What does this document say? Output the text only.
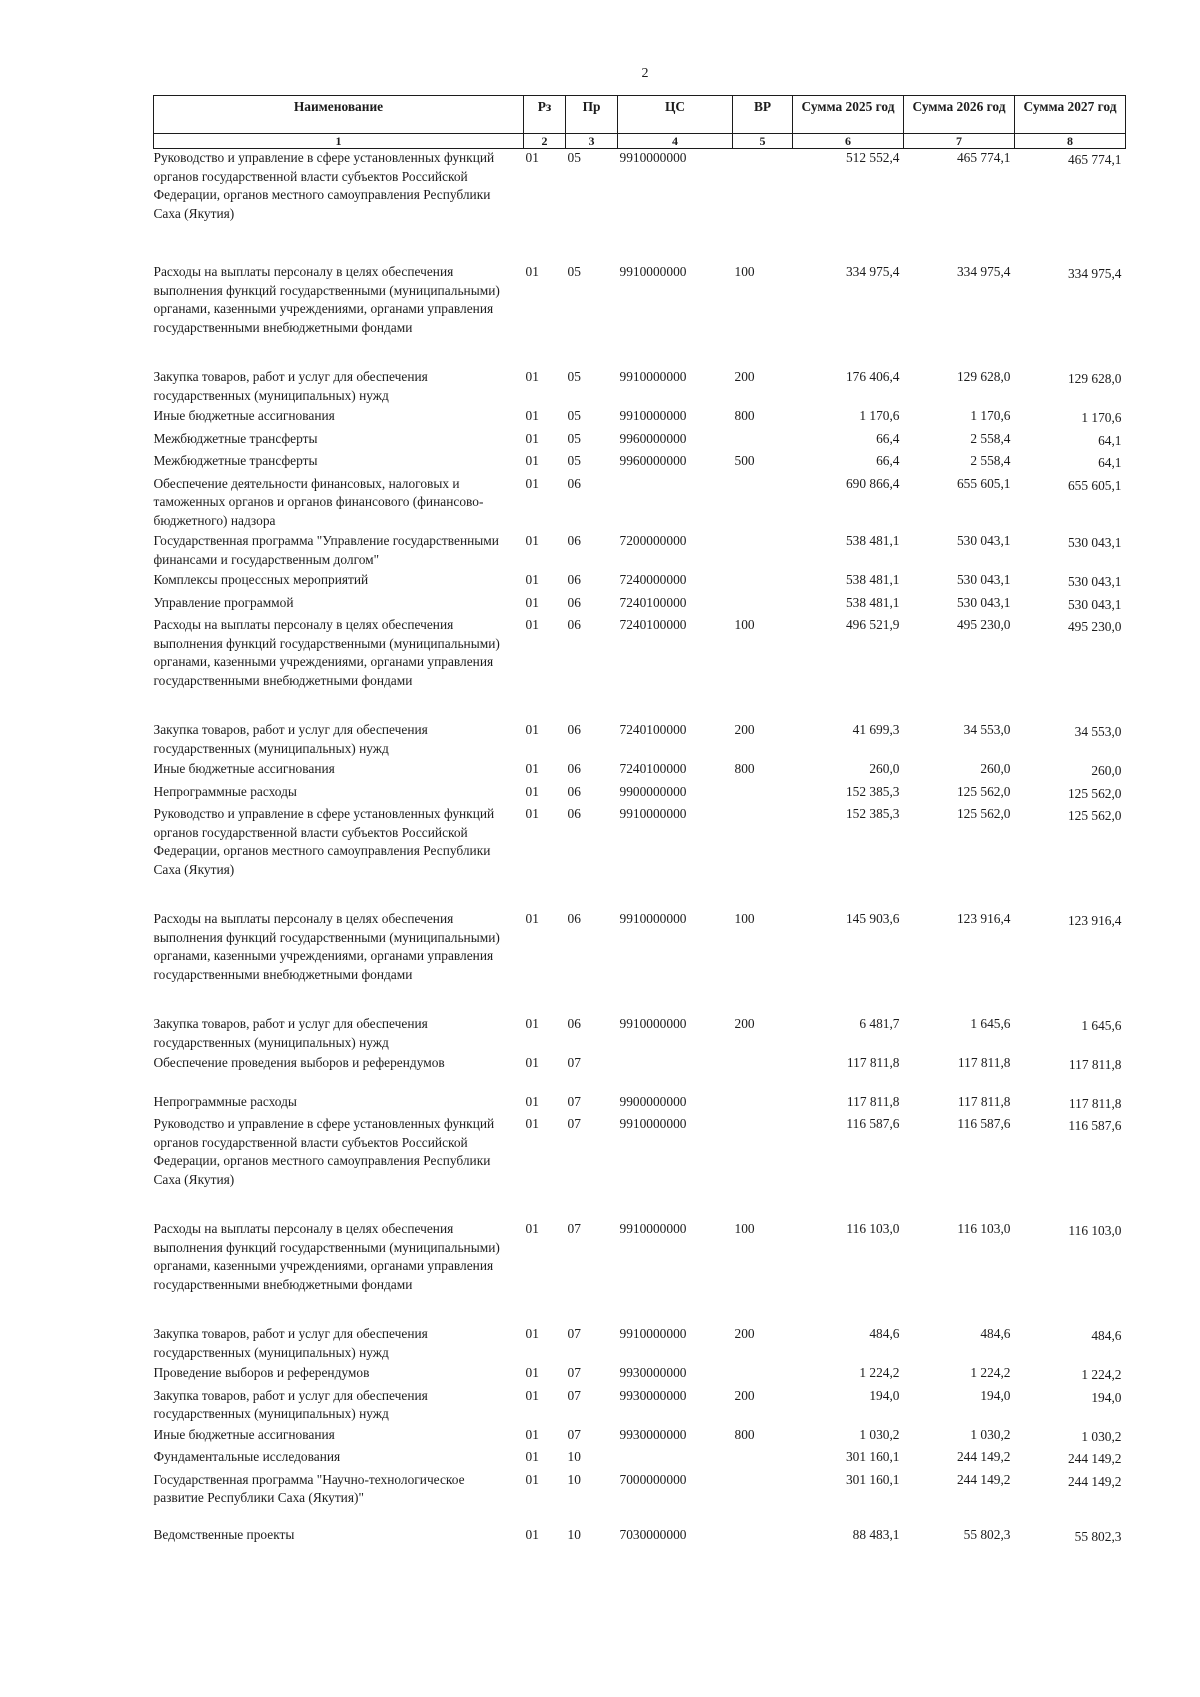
2
Наименование	Рз	Пр	ЦС	ВР	Сумма 2025 год	Сумма 2026 год	Сумма 2027 год
1	2	3	4	5	6	7	8
Руководство и управление в сфере установленных функций органов государственной власти субъектов Российской Федерации, органов местного самоуправления Республики Саха (Якутия)	01	05	9910000000		512 552,4	465 774,1	465 774,1
Расходы на выплаты персоналу в целях обеспечения выполнения функций государственными (муниципальными) органами, казенными учреждениями, органами управления государственными внебюджетными фондами	01	05	9910000000	100	334 975,4	334 975,4	334 975,4
Закупка товаров, работ и услуг для обеспечения государственных (муниципальных) нужд	01	05	9910000000	200	176 406,4	129 628,0	129 628,0
Иные бюджетные ассигнования	01	05	9910000000	800	1 170,6	1 170,6	1 170,6
Межбюджетные трансферты	01	05	9960000000		66,4	2 558,4	64,1
Межбюджетные трансферты	01	05	9960000000	500	66,4	2 558,4	64,1
Обеспечение деятельности финансовых, налоговых и таможенных органов и органов финансового (финансово-бюджетного) надзора	01	06			690 866,4	655 605,1	655 605,1
Государственная программа "Управление государственными финансами и государственным долгом"	01	06	7200000000		538 481,1	530 043,1	530 043,1
Комплексы процессных мероприятий	01	06	7240000000		538 481,1	530 043,1	530 043,1
Управление программой	01	06	7240100000		538 481,1	530 043,1	530 043,1
Расходы на выплаты персоналу в целях обеспечения выполнения функций государственными (муниципальными) органами, казенными учреждениями, органами управления государственными внебюджетными фондами	01	06	7240100000	100	496 521,9	495 230,0	495 230,0
Закупка товаров, работ и услуг для обеспечения государственных (муниципальных) нужд	01	06	7240100000	200	41 699,3	34 553,0	34 553,0
Иные бюджетные ассигнования	01	06	7240100000	800	260,0	260,0	260,0
Непрограммные расходы	01	06	9900000000		152 385,3	125 562,0	125 562,0
Руководство и управление в сфере установленных функций органов государственной власти субъектов Российской Федерации, органов местного самоуправления Республики Саха (Якутия)	01	06	9910000000		152 385,3	125 562,0	125 562,0
Расходы на выплаты персоналу в целях обеспечения выполнения функций государственными (муниципальными) органами, казенными учреждениями, органами управления государственными внебюджетными фондами	01	06	9910000000	100	145 903,6	123 916,4	123 916,4
Закупка товаров, работ и услуг для обеспечения государственных (муниципальных) нужд	01	06	9910000000	200	6 481,7	1 645,6	1 645,6
Обеспечение проведения выборов и референдумов	01	07			117 811,8	117 811,8	117 811,8
Непрограммные расходы	01	07	9900000000		117 811,8	117 811,8	117 811,8
Руководство и управление в сфере установленных функций органов государственной власти субъектов Российской Федерации, органов местного самоуправления Республики Саха (Якутия)	01	07	9910000000		116 587,6	116 587,6	116 587,6
Расходы на выплаты персоналу в целях обеспечения выполнения функций государственными (муниципальными) органами, казенными учреждениями, органами управления государственными внебюджетными фондами	01	07	9910000000	100	116 103,0	116 103,0	116 103,0
Закупка товаров, работ и услуг для обеспечения государственных (муниципальных) нужд	01	07	9910000000	200	484,6	484,6	484,6
Проведение выборов и референдумов	01	07	9930000000		1 224,2	1 224,2	1 224,2
Закупка товаров, работ и услуг для обеспечения государственных (муниципальных) нужд	01	07	9930000000	200	194,0	194,0	194,0
Иные бюджетные ассигнования	01	07	9930000000	800	1 030,2	1 030,2	1 030,2
Фундаментальные исследования	01	10			301 160,1	244 149,2	244 149,2
Государственная программа "Научно-технологическое развитие Республики Саха (Якутия)"	01	10	7000000000		301 160,1	244 149,2	244 149,2
Ведомственные проекты	01	10	7030000000		88 483,1	55 802,3	55 802,3
